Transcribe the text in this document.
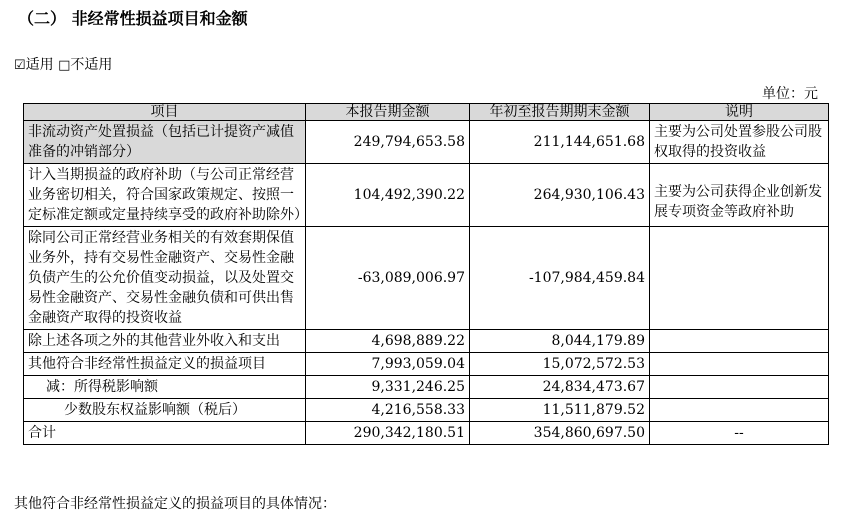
（二） 非经常性损益项目和金额
☑适用 □不适用
单位：元
项目	本报告期金额	年初至报告期期末金额	说明
非流动资产处置损益（包括已计提资产减值准备的冲销部分）	249,794,653.58	211,144,651.68	主要为公司处置参股公司股权取得的投资收益
计入当期损益的政府补助（与公司正常经营业务密切相关，符合国家政策规定、按照一定标准定额或定量持续享受的政府补助除外）	104,492,390.22	264,930,106.43	主要为公司获得企业创新发展专项资金等政府补助
除同公司正常经营业务相关的有效套期保值业务外，持有交易性金融资产、交易性金融负债产生的公允价值变动损益，以及处置交易性金融资产、交易性金融负债和可供出售金融资产取得的投资收益	-63,089,006.97	-107,984,459.84	
除上述各项之外的其他营业外收入和支出	4,698,889.22	8,044,179.89	
其他符合非经常性损益定义的损益项目	7,993,059.04	15,072,572.53	
减：所得税影响额	9,331,246.25	24,834,473.67	
少数股东权益影响额（税后）	4,216,558.33	11,511,879.52	
合计	290,342,180.51	354,860,697.50	--
其他符合非经常性损益定义的损益项目的具体情况：
